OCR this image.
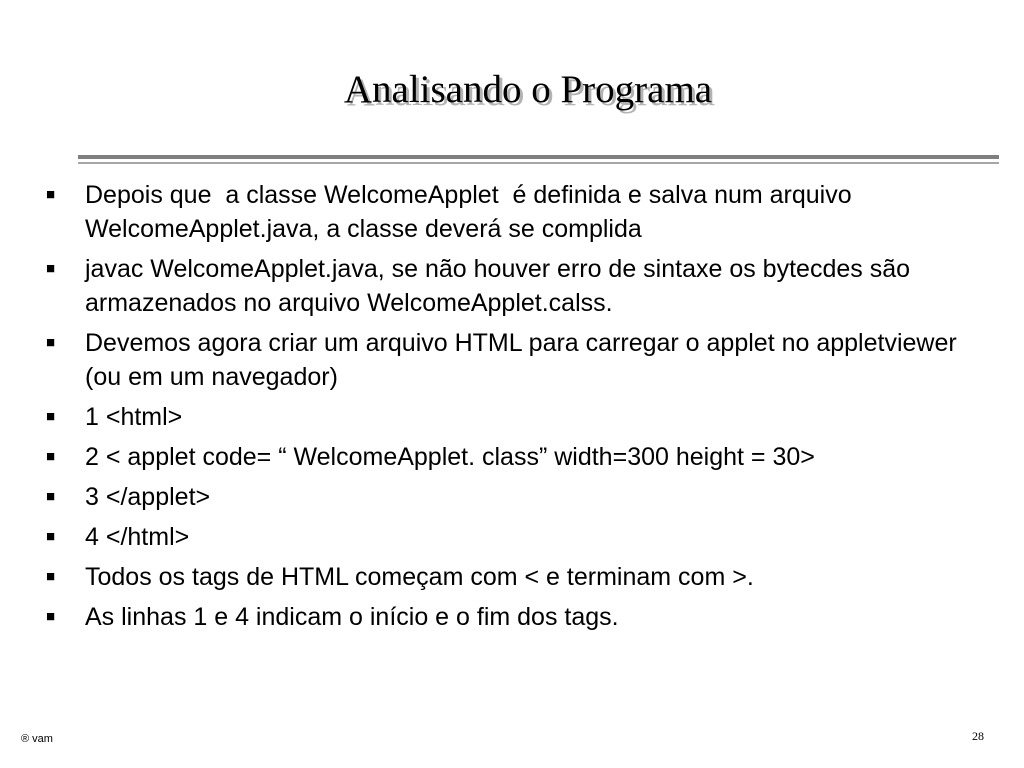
Analisando o Programa
■	Depois que  a classe WelcomeApplet  é definida e salva num arquivo WelcomeApplet.java, a classe deverá se complida
■	javac WelcomeApplet.java, se não houver erro de sintaxe os bytecdes são armazenados no arquivo WelcomeApplet.calss.
■	Devemos agora criar um arquivo HTML para carregar o applet no appletviewer (ou em um navegador)
■	1 <html>
■	2 < applet code= “ WelcomeApplet. class” width=300 height = 30>
■	3 </applet>
■	4 </html>
■	Todos os tags de HTML começam com < e terminam com >.
■	As linhas 1 e 4 indicam o início e o fim dos tags.
® vam	28
